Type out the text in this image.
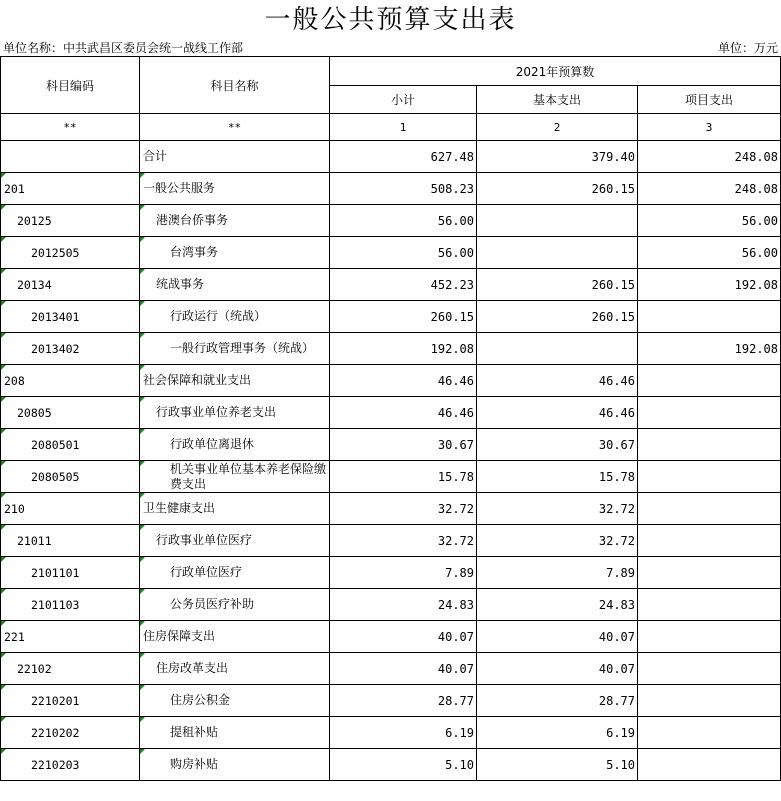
一般公共预算支出表
单位名称：中共武昌区委员会统一战线工作部	单位：万元
科目编码	科目名称	2021年预算数		
		小计	基本支出	项目支出
**	**	1	2	3
	合计	627.48	379.40	248.08
201	一般公共服务	508.23	260.15	248.08
20125	港澳台侨事务	56.00		56.00
2012505	台湾事务	56.00		56.00
20134	统战事务	452.23	260.15	192.08
2013401	行政运行（统战）	260.15	260.15	
2013402	一般行政管理事务（统战）	192.08		192.08
208	社会保障和就业支出	46.46	46.46	
20805	行政事业单位养老支出	46.46	46.46	
2080501	行政单位离退休	30.67	30.67	
2080505	机关事业单位基本养老保险缴费支出	15.78	15.78	
210	卫生健康支出	32.72	32.72	
21011	行政事业单位医疗	32.72	32.72	
2101101	行政单位医疗	7.89	7.89	
2101103	公务员医疗补助	24.83	24.83	
221	住房保障支出	40.07	40.07	
22102	住房改革支出	40.07	40.07	
2210201	住房公积金	28.77	28.77	
2210202	提租补贴	6.19	6.19	
2210203	购房补贴	5.10	5.10	
